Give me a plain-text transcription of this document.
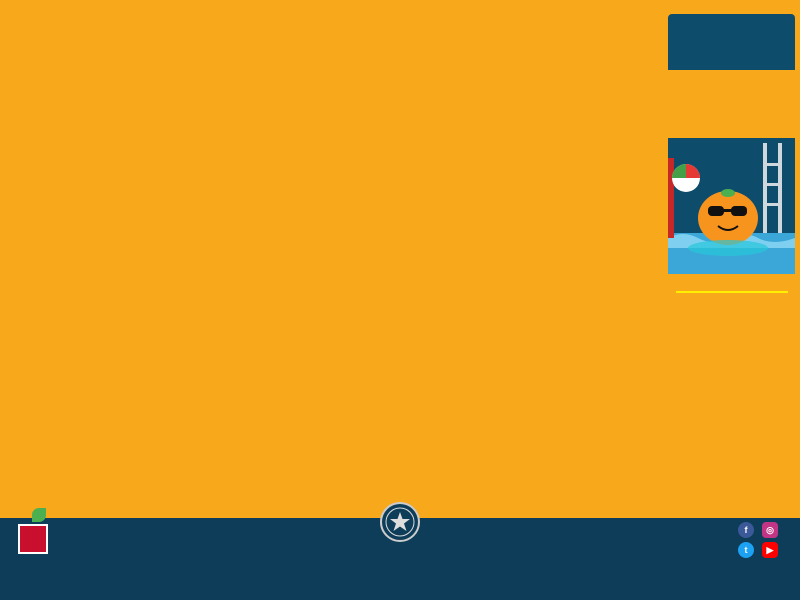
f	◎
t	▶
